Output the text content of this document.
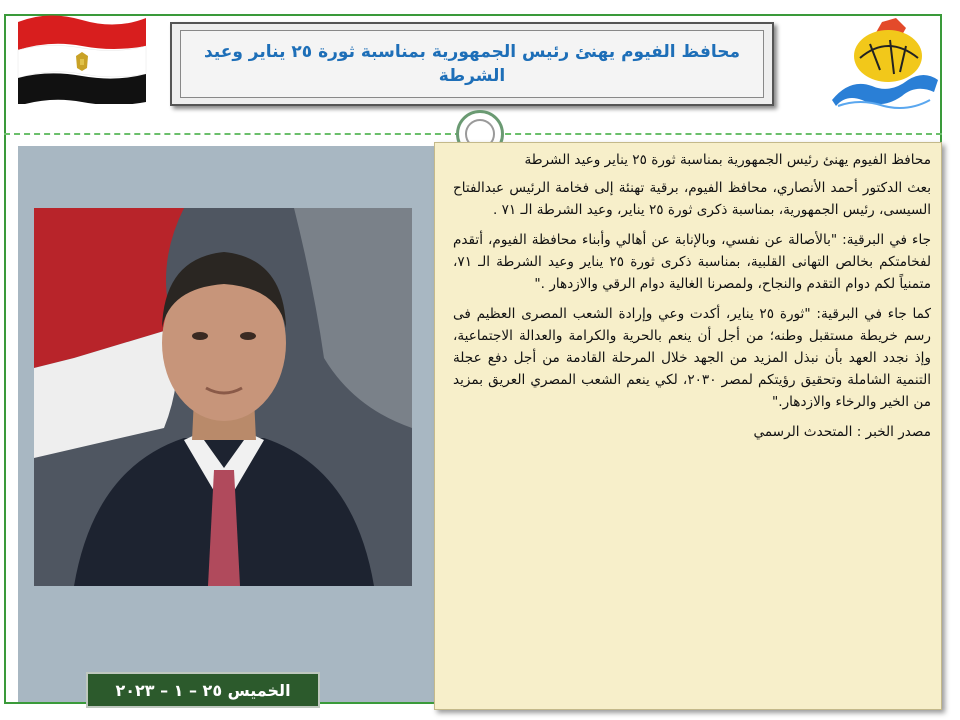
محافظ الفيوم يهنئ رئيس الجمهورية بمناسبة ثورة ٢٥ يناير وعيد الشرطة
الخميس ٢٥ – ١ – ٢٠٢٣

محافظ الفيوم يهنئ رئيس الجمهورية بمناسبة ثورة ٢٥ يناير وعيد الشرطة

بعث الدكتور أحمد الأنصاري، محافظ الفيوم، برقية تهنئة إلى فخامة الرئيس عبدالفتاح السيسى، رئيس الجمهورية، بمناسبة ذكرى ثورة ٢٥ يناير، وعيد الشرطة الـ ٧١ .

جاء في البرقية: "بالأصالة عن نفسي، وبالإنابة عن أهالي وأبناء محافظة الفيوم، أتقدم لفخامتكم بخالص التهانى القلبية، بمناسبة ذكرى ثورة ٢٥ يناير وعيد الشرطة الـ ٧١، متمنياً لكم دوام التقدم والنجاح، ولمصرنا الغالية دوام الرقي والازدهار ."

كما جاء في البرقية: "ثورة ٢٥ يناير، أكدت وعي وإرادة الشعب المصرى العظيم فى رسم خريطة مستقبل وطنه؛ من أجل أن ينعم بالحرية والكرامة والعدالة الاجتماعية، وإذ نجدد العهد بأن نبذل المزيد من الجهد خلال المرحلة القادمة من أجل دفع عجلة التنمية الشاملة وتحقيق رؤيتكم لمصر ٢٠٣٠، لكي ينعم الشعب المصري العريق بمزيد من الخير والرخاء والازدهار."

مصدر الخبر : المتحدث الرسمي
